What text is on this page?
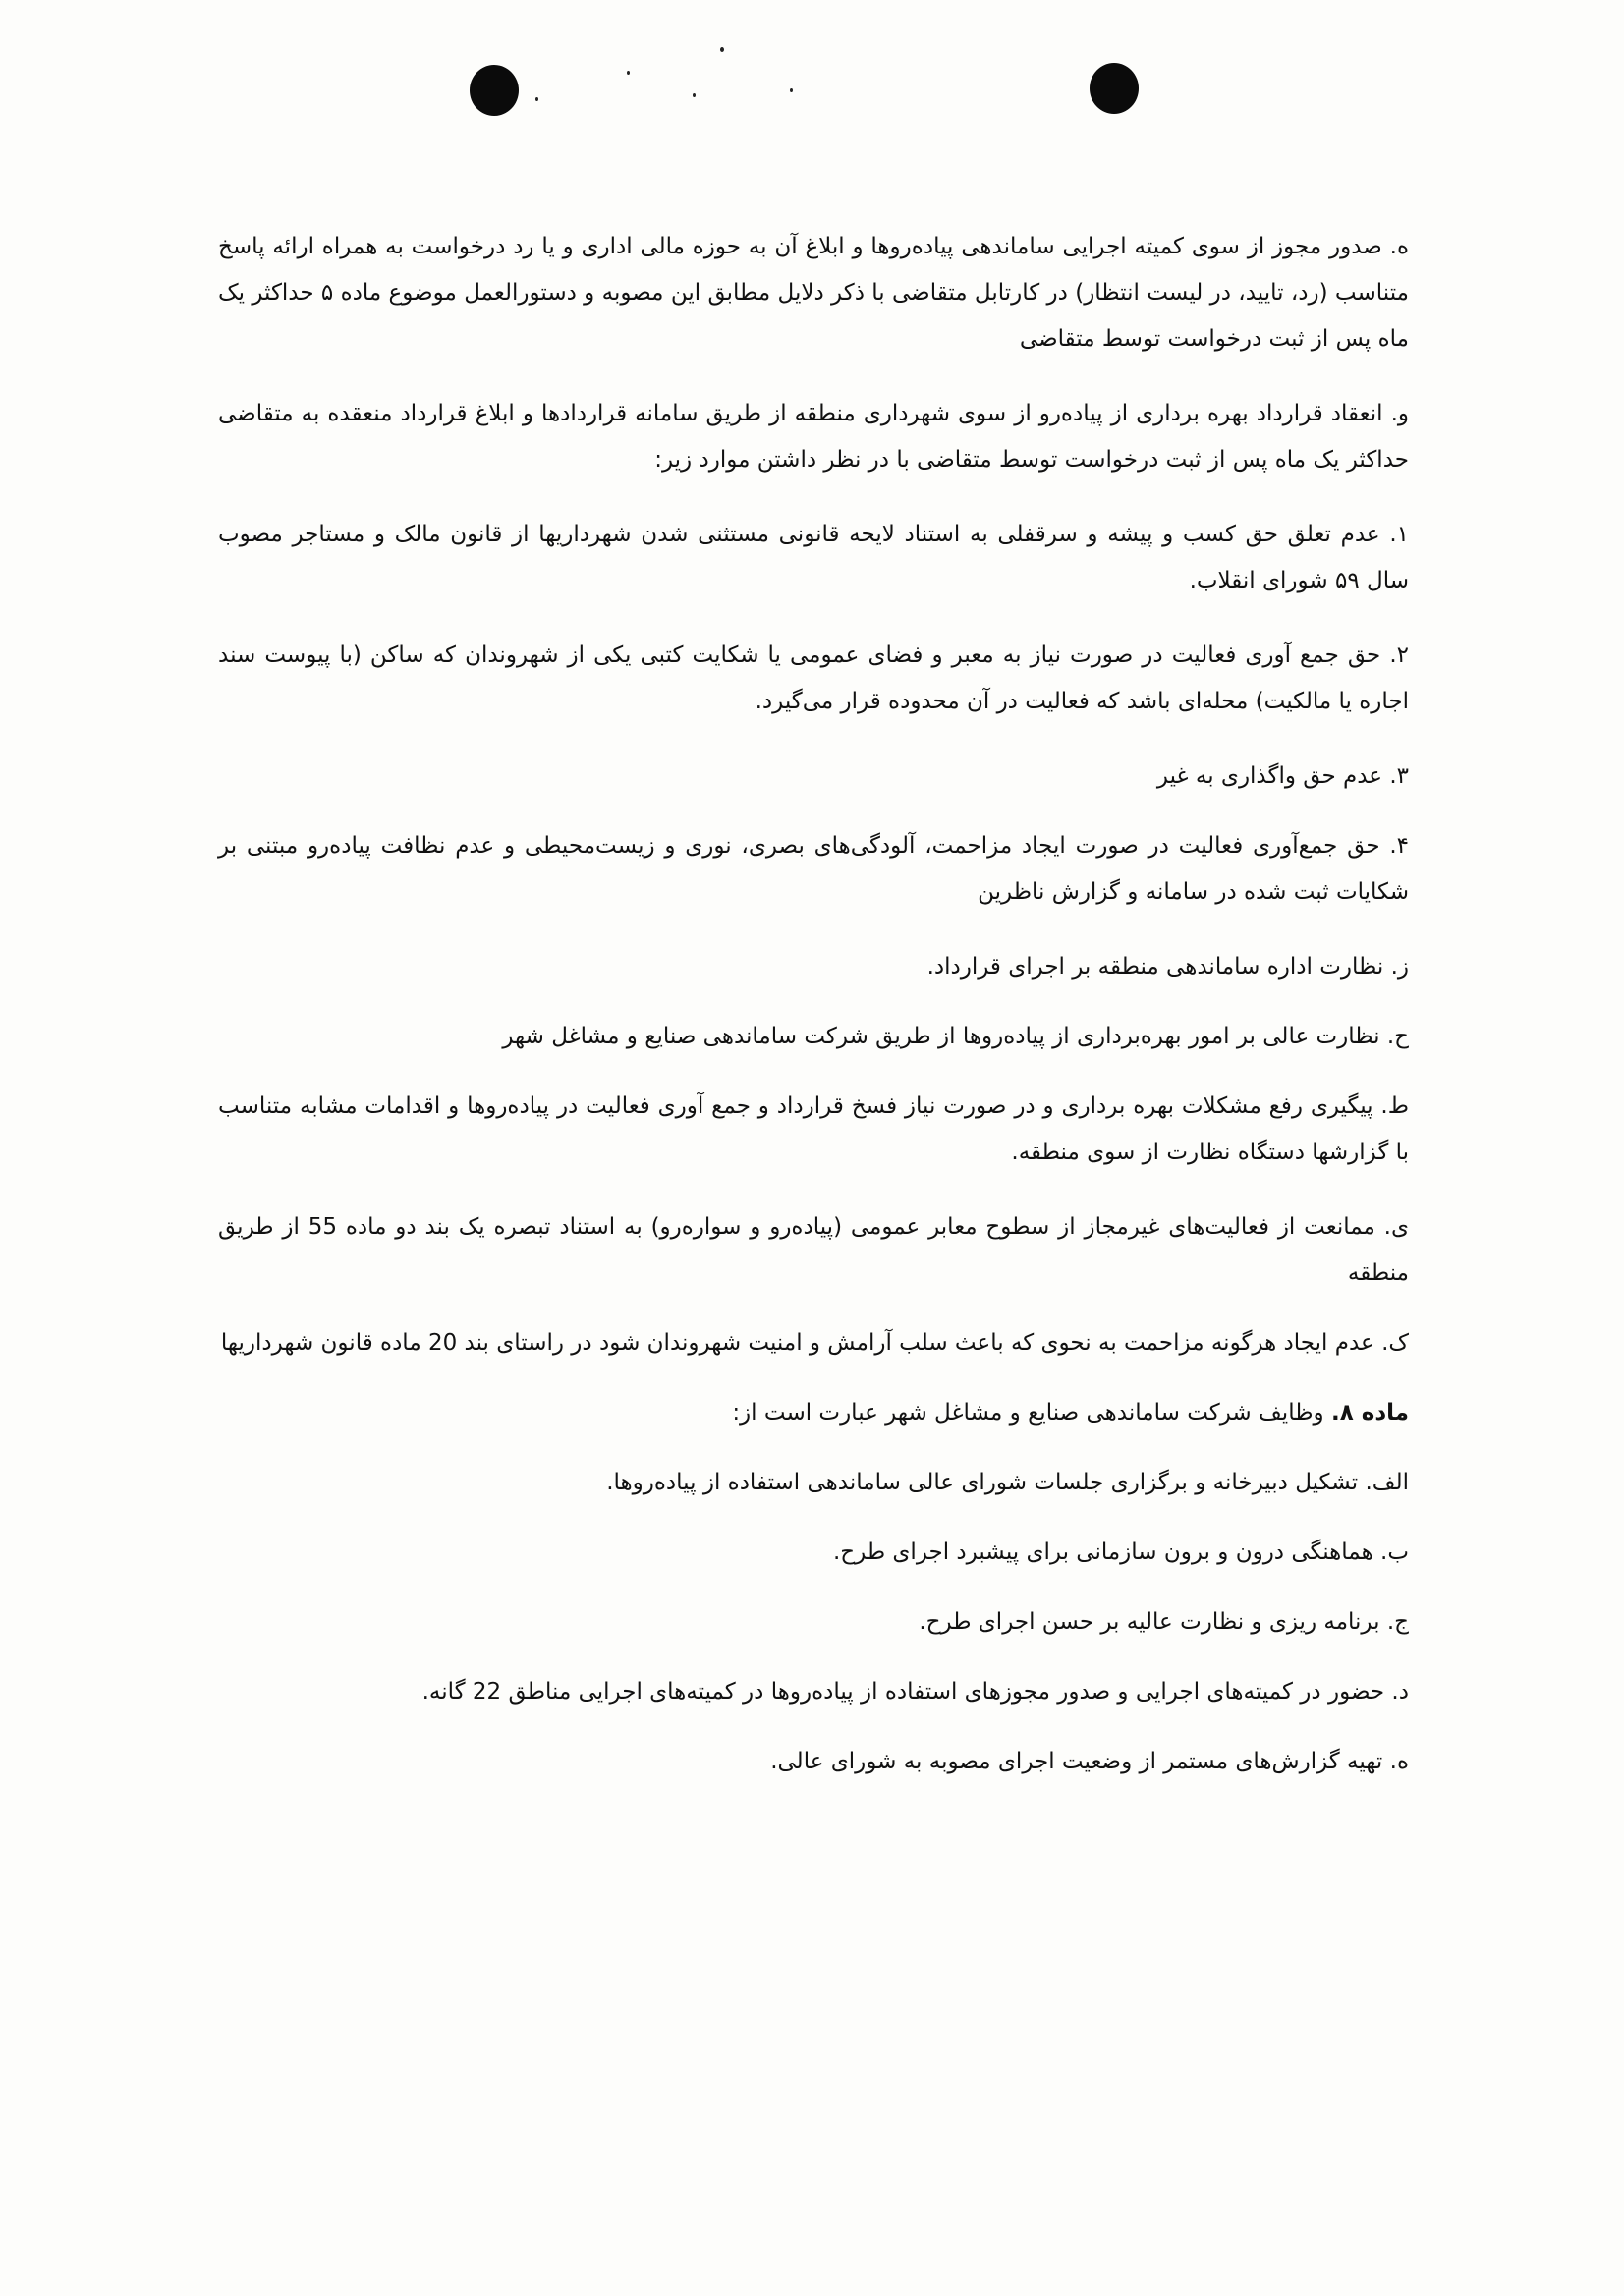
ه. صدور مجوز از سوی کمیته اجرایی ساماندهی پیاده‌روها و ابلاغ آن به حوزه مالی اداری و یا رد درخواست به همراه ارائه پاسخ متناسب (رد، تایید، در لیست انتظار) در کارتابل متقاضی با ذکر دلایل مطابق این مصوبه و دستورالعمل موضوع ماده ۵ حداکثر یک ماه پس از ثبت درخواست توسط متقاضی

و. انعقاد قرارداد بهره برداری از پیاده‌رو از سوی شهرداری منطقه از طریق سامانه قراردادها و ابلاغ قرارداد منعقده به متقاضی حداکثر یک ماه پس از ثبت درخواست توسط متقاضی با در نظر داشتن موارد زیر:

۱. عدم تعلق حق کسب و پیشه و سرقفلی به استناد لایحه قانونی مستثنی شدن شهرداریها از قانون مالک و مستاجر مصوب سال ۵۹ شورای انقلاب.

۲. حق جمع آوری فعالیت در صورت نیاز به معبر و فضای عمومی یا شکایت کتبی یکی از شهروندان که ساکن (با پیوست سند اجاره یا مالکیت) محله‌ای باشد که فعالیت در آن محدوده قرار می‌گیرد.

۳. عدم حق واگذاری به غیر

۴. حق جمع‌آوری فعالیت در صورت ایجاد مزاحمت، آلودگی‌های بصری، نوری و زیست‌محیطی و عدم نظافت پیاده‌رو مبتنی بر شکایات ثبت شده در سامانه و گزارش ناظرین

ز. نظارت اداره ساماندهی منطقه بر اجرای قرارداد.

ح. نظارت عالی بر امور بهره‌برداری از پیاده‌روها از طریق شرکت ساماندهی صنایع و مشاغل شهر

ط. پیگیری رفع مشکلات بهره برداری و در صورت نیاز فسخ قرارداد و جمع آوری فعالیت در پیاده‌روها و اقدامات مشابه متناسب با گزارشها دستگاه نظارت از سوی منطقه.

ی. ممانعت از فعالیت‌های غیرمجاز از سطوح معابر عمومی (پیاده‌رو و سواره‌رو) به استناد تبصره یک بند دو ماده 55 از طریق منطقه

ک. عدم ایجاد هرگونه مزاحمت به نحوی که باعث سلب آرامش و امنیت شهروندان شود در راستای بند 20 ماده قانون شهرداریها

ماده ۸. وظایف شرکت ساماندهی صنایع و مشاغل شهر عبارت است از:

الف. تشکیل دبیرخانه و برگزاری جلسات شورای عالی ساماندهی استفاده از پیاده‌روها.

ب. هماهنگی درون و برون سازمانی برای پیشبرد اجرای طرح.

ج. برنامه ریزی و نظارت عالیه بر حسن اجرای طرح.

د. حضور در کمیته‌های اجرایی و صدور مجوزهای استفاده از پیاده‌روها در کمیته‌های اجرایی مناطق 22 گانه.

ه. تهیه گزارش‌های مستمر از وضعیت اجرای مصوبه به شورای عالی.
